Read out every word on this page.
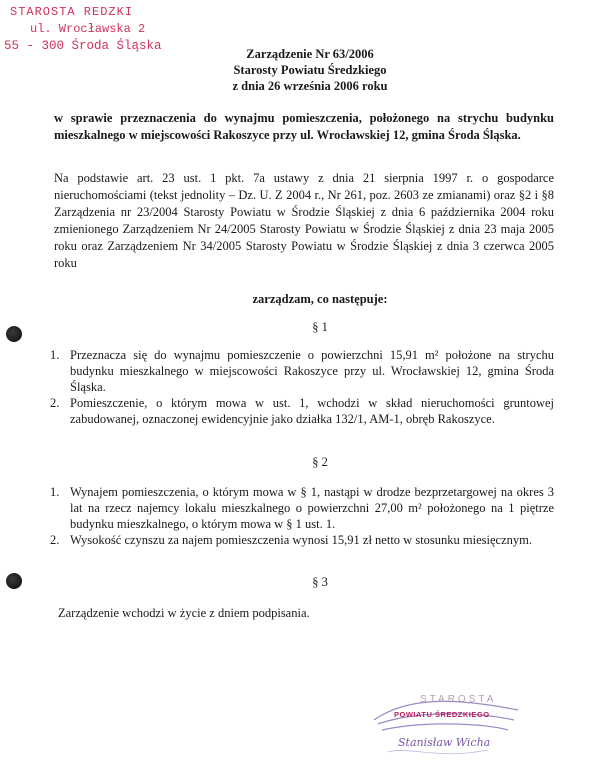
STAROSTA REDZKI
ul. Wrocławska 2
55 - 300 Środa Śląska
Zarządzenie Nr 63/2006
Starosty Powiatu Średzkiego
z dnia 26 września 2006 roku
w sprawie przeznaczenia do wynajmu pomieszczenia, położonego na strychu budynku mieszkalnego w miejscowości Rakoszyce przy ul. Wrocławskiej 12, gmina Środa Śląska.
Na podstawie art. 23 ust. 1 pkt. 7a ustawy z dnia 21 sierpnia 1997 r. o gospodarce nieruchomościami (tekst jednolity – Dz. U. Z 2004 r., Nr 261, poz. 2603 ze zmianami) oraz §2 i §8 Zarządzenia nr 23/2004 Starosty Powiatu w Środzie Śląskiej z dnia 6 października 2004 roku zmienionego Zarządzeniem Nr 24/2005 Starosty Powiatu w Środzie Śląskiej z dnia 23 maja 2005 roku oraz Zarządzeniem Nr 34/2005 Starosty Powiatu w Środzie Śląskiej z dnia 3 czerwca 2005 roku
zarządzam, co następuje:
§ 1
1. Przeznacza się do wynajmu pomieszczenie o powierzchni 15,91 m² położone na strychu budynku mieszkalnego w miejscowości Rakoszyce przy ul. Wrocławskiej 12, gmina Środa Śląska.
2. Pomieszczenie, o którym mowa w ust. 1, wchodzi w skład nieruchomości gruntowej zabudowanej, oznaczonej ewidencyjnie jako działka 132/1, AM-1, obręb Rakoszyce.
§ 2
1. Wynajem pomieszczenia, o którym mowa w § 1, nastąpi w drodze bezprzetargowej na okres 3 lat na rzecz najemcy lokalu mieszkalnego o powierzchni 27,00 m² położonego na 1 piętrze budynku mieszkalnego, o którym mowa w § 1 ust. 1.
2. Wysokość czynszu za najem pomieszczenia wynosi 15,91 zł netto w stosunku miesięcznym.
§ 3
Zarządzenie wchodzi w życie z dniem podpisania.
STAROSTA
POWIATU ŚREDZKIEGO
Stanisław Wicha
